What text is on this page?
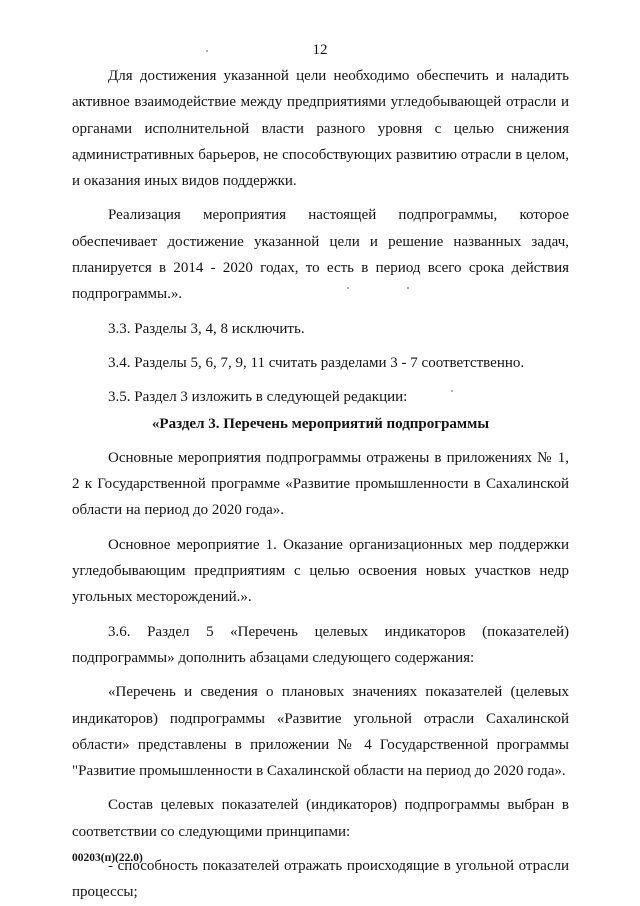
12

Для достижения указанной цели необходимо обеспечить и наладить активное взаимодействие между предприятиями угледобывающей отрасли и органами исполнительной власти разного уровня с целью снижения административных барьеров, не способствующих развитию отрасли в целом, и оказания иных видов поддержки.

Реализация мероприятия настоящей подпрограммы, которое обеспечивает достижение указанной цели и решение названных задач, планируется в 2014 - 2020 годах, то есть в период всего срока действия подпрограммы.».

3.3. Разделы 3, 4, 8 исключить.

3.4. Разделы 5, 6, 7, 9, 11 считать разделами 3 - 7 соответственно.

3.5. Раздел 3 изложить в следующей редакции:

«Раздел 3. Перечень мероприятий подпрограммы

Основные мероприятия подпрограммы отражены в приложениях № 1, 2 к Государственной программе «Развитие промышленности в Сахалинской области на период до 2020 года».

Основное мероприятие 1. Оказание организационных мер поддержки угледобывающим предприятиям с целью освоения новых участков недр угольных месторождений.».

3.6. Раздел 5 «Перечень целевых индикаторов (показателей) подпрограммы» дополнить абзацами следующего содержания:

«Перечень и сведения о плановых значениях показателей (целевых индикаторов) подпрограммы «Развитие угольной отрасли Сахалинской области» представлены в приложении № 4 Государственной программы "Развитие промышленности в Сахалинской области на период до 2020 года».

Состав целевых показателей (индикаторов) подпрограммы выбран в соответствии со следующими принципами:

- способность показателей отражать происходящие в угольной отрасли процессы;

00203(п)(22.0)
